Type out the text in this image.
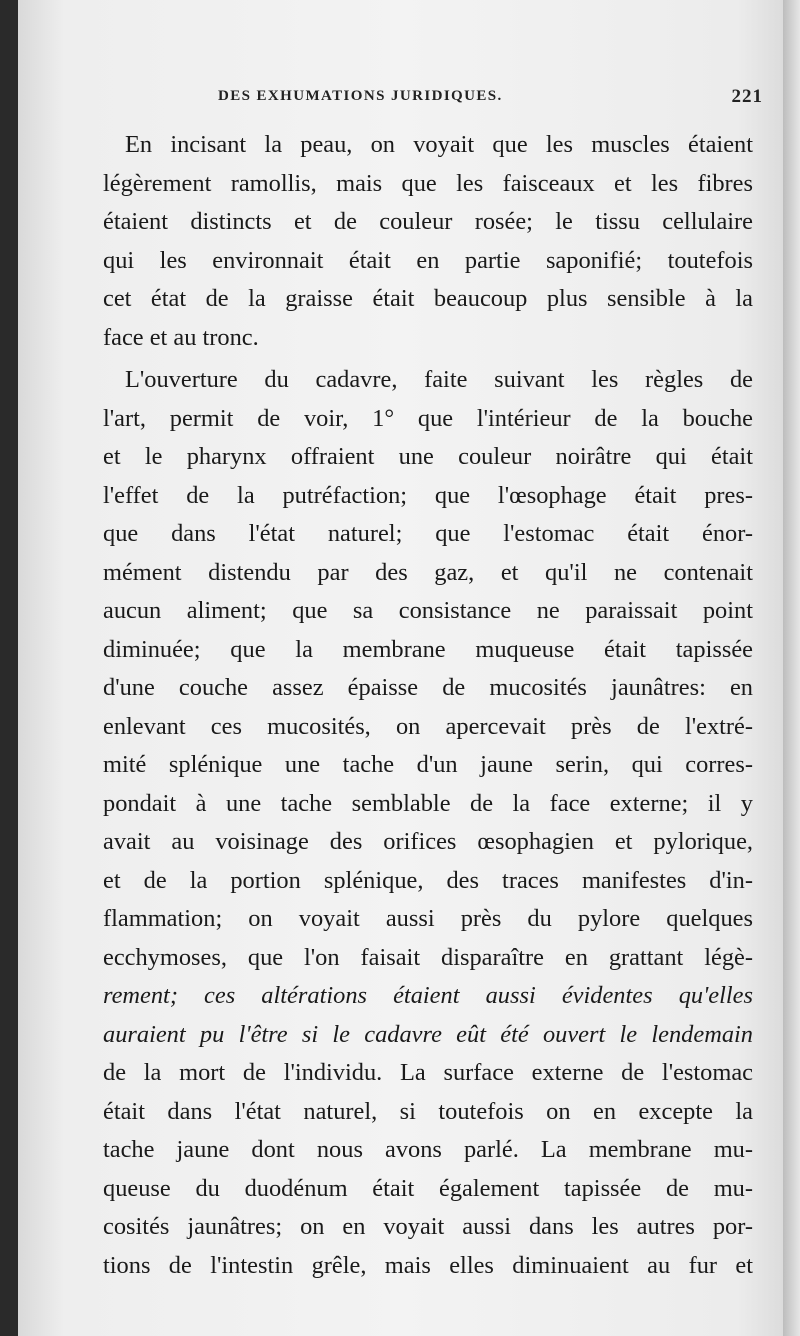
DES EXHUMATIONS JURIDIQUES.	221

En incisant la peau, on voyait que les muscles étaient
légèrement ramollis, mais que les faisceaux et les fibres
étaient distincts et de couleur rosée; le tissu cellulaire
qui les environnait était en partie saponifié; toutefois
cet état de la graisse était beaucoup plus sensible à la
face et au tronc.

L'ouverture du cadavre, faite suivant les règles de
l'art, permit de voir, 1° que l'intérieur de la bouche
et le pharynx offraient une couleur noirâtre qui était
l'effet de la putréfaction; que l'œsophage était pres-
que dans l'état naturel; que l'estomac était énor-
mément distendu par des gaz, et qu'il ne contenait
aucun aliment; que sa consistance ne paraissait point
diminuée; que la membrane muqueuse était tapissée
d'une couche assez épaisse de mucosités jaunâtres: en
enlevant ces mucosités, on apercevait près de l'extré-
mité splénique une tache d'un jaune serin, qui corres-
pondait à une tache semblable de la face externe; il y
avait au voisinage des orifices œsophagien et pylorique,
et de la portion splénique, des traces manifestes d'in-
flammation; on voyait aussi près du pylore quelques
ecchymoses, que l'on faisait disparaître en grattant légè-
rement; ces altérations étaient aussi évidentes qu'elles
auraient pu l'être si le cadavre eût été ouvert le lendemain
de la mort de l'individu. La surface externe de l'estomac
était dans l'état naturel, si toutefois on en excepte la
tache jaune dont nous avons parlé. La membrane mu-
queuse du duodénum était également tapissée de mu-
cosités jaunâtres; on en voyait aussi dans les autres por-
tions de l'intestin grêle, mais elles diminuaient au fur et
